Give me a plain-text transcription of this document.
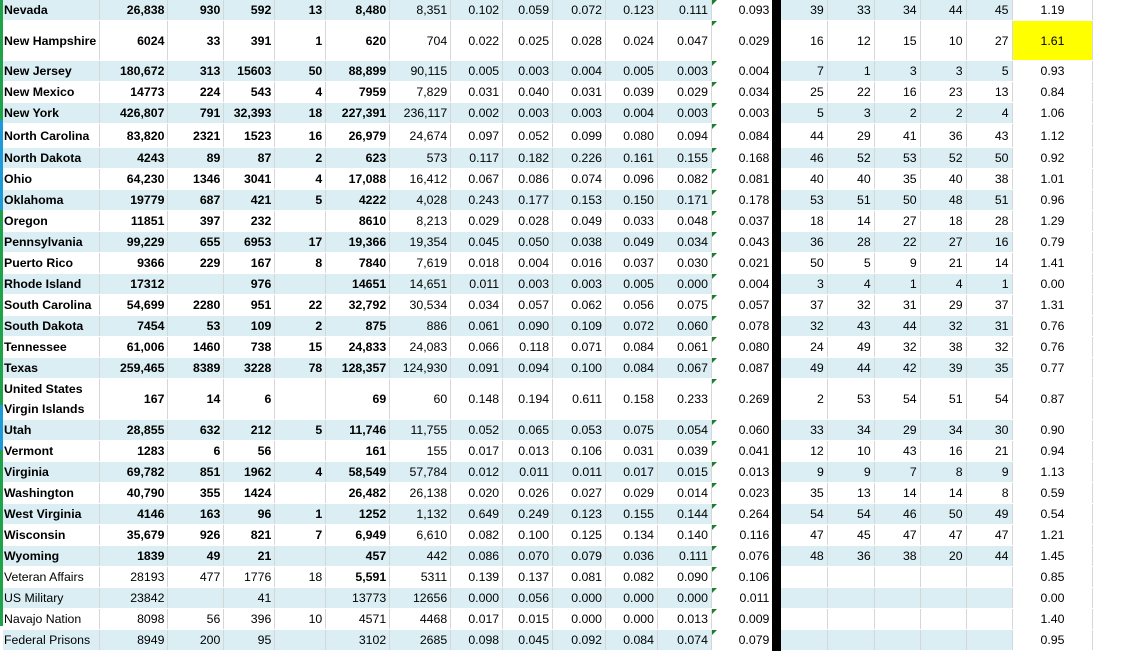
Nevada	26,838	930	592	13	8,480	8,351	0.102	0.059	0.072	0.123	0.111	0.093		39	33	34	44	45	1.19	
New Hampshire	6024	33	391	1	620	704	0.022	0.025	0.028	0.024	0.047	0.029		16	12	15	10	27	1.61	
New Jersey	180,672	313	15603	50	88,899	90,115	0.005	0.003	0.004	0.005	0.003	0.004		7	1	3	3	5	0.93	
New Mexico	14773	224	543	4	7959	7,829	0.031	0.040	0.031	0.039	0.029	0.034		25	22	16	23	13	0.84	
New York	426,807	791	32,393	18	227,391	236,117	0.002	0.003	0.003	0.004	0.003	0.003		5	3	2	2	4	1.06	
North Carolina	83,820	2321	1523	16	26,979	24,674	0.097	0.052	0.099	0.080	0.094	0.084		44	29	41	36	43	1.12	
North Dakota	4243	89	87	2	623	573	0.117	0.182	0.226	0.161	0.155	0.168		46	52	53	52	50	0.92	
Ohio	64,230	1346	3041	4	17,088	16,412	0.067	0.086	0.074	0.096	0.082	0.081		40	40	35	40	38	1.01	
Oklahoma	19779	687	421	5	4222	4,028	0.243	0.177	0.153	0.150	0.171	0.178		53	51	50	48	51	0.96	
Oregon	11851	397	232		8610	8,213	0.029	0.028	0.049	0.033	0.048	0.037		18	14	27	18	28	1.29	
Pennsylvania	99,229	655	6953	17	19,366	19,354	0.045	0.050	0.038	0.049	0.034	0.043		36	28	22	27	16	0.79	
Puerto Rico	9366	229	167	8	7840	7,619	0.018	0.004	0.016	0.037	0.030	0.021		50	5	9	21	14	1.41	
Rhode Island	17312		976		14651	14,651	0.011	0.003	0.003	0.005	0.000	0.004		3	4	1	4	1	0.00	
South Carolina	54,699	2280	951	22	32,792	30,534	0.034	0.057	0.062	0.056	0.075	0.057		37	32	31	29	37	1.31	
South Dakota	7454	53	109	2	875	886	0.061	0.090	0.109	0.072	0.060	0.078		32	43	44	32	31	0.76	
Tennessee	61,006	1460	738	15	24,833	24,083	0.066	0.118	0.071	0.084	0.061	0.080		24	49	32	38	32	0.76	
Texas	259,465	8389	3228	78	128,357	124,930	0.091	0.094	0.100	0.084	0.067	0.087		49	44	42	39	35	0.77	
United States Virgin Islands	167	14	6		69	60	0.148	0.194	0.611	0.158	0.233	0.269		2	53	54	51	54	0.87	
Utah	28,855	632	212	5	11,746	11,755	0.052	0.065	0.053	0.075	0.054	0.060		33	34	29	34	30	0.90	
Vermont	1283	6	56		161	155	0.017	0.013	0.106	0.031	0.039	0.041		12	10	43	16	21	0.94	
Virginia	69,782	851	1962	4	58,549	57,784	0.012	0.011	0.011	0.017	0.015	0.013		9	9	7	8	9	1.13	
Washington	40,790	355	1424		26,482	26,138	0.020	0.026	0.027	0.029	0.014	0.023		35	13	14	14	8	0.59	
West Virginia	4146	163	96	1	1252	1,132	0.649	0.249	0.123	0.155	0.144	0.264		54	54	46	50	49	0.54	
Wisconsin	35,679	926	821	7	6,949	6,610	0.082	0.100	0.125	0.134	0.140	0.116		47	45	47	47	47	1.21	
Wyoming	1839	49	21		457	442	0.086	0.070	0.079	0.036	0.111	0.076		48	36	38	20	44	1.45	
Veteran Affairs	28193	477	1776	18	5,591	5311	0.139	0.137	0.081	0.082	0.090	0.106							0.85	
US Military	23842		41		13773	12656	0.000	0.056	0.000	0.000	0.000	0.011							0.00	
Navajo Nation	8098	56	396	10	4571	4468	0.017	0.015	0.000	0.000	0.013	0.009							1.40	
Federal Prisons	8949	200	95		3102	2685	0.098	0.045	0.092	0.084	0.074	0.079							0.95	
